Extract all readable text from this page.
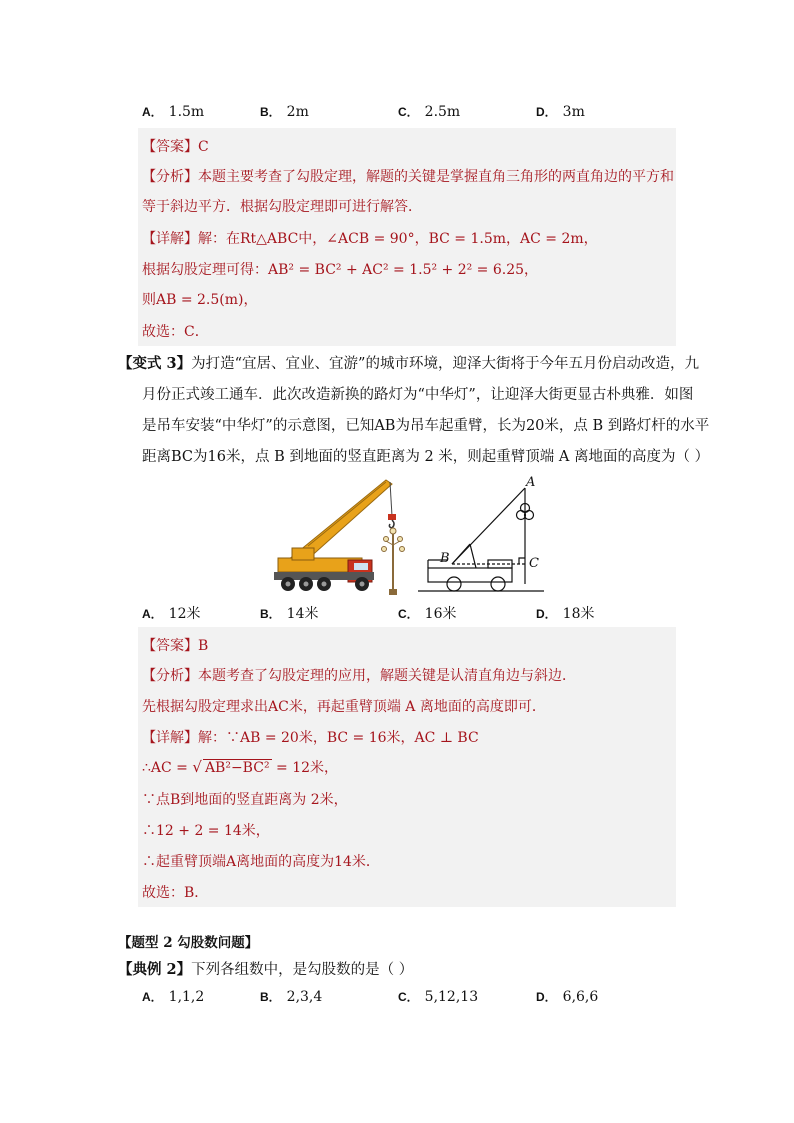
A． 1.5m	B． 2m	C． 2.5m	D． 3m
【答案】C
【分析】本题主要考查了勾股定理，解题的关键是掌握直角三角形的两直角边的平方和
等于斜边平方．根据勾股定理即可进行解答．
【详解】解：在Rt△ABC中，∠ACB = 90°，BC = 1.5m，AC = 2m，
根据勾股定理可得：AB² = BC² + AC² = 1.5² + 2² = 6.25，
则AB = 2.5(m)，
故选：C．
【变式 3】为打造“宜居、宜业、宜游”的城市环境，迎泽大街将于今年五月份启动改造，九
月份正式竣工通车．此次改造新换的路灯为“中华灯”，让迎泽大街更显古朴典雅．如图
是吊车安装“中华灯”的示意图，已知AB为吊车起重臂，长为20米，点 B 到路灯杆的水平
距离BC为16米，点 B 到地面的竖直距离为 2 米，则起重臂顶端 A 离地面的高度为（ ）
A
B	C
A． 12米	B． 14米	C． 16米	D． 18米
【答案】B
【分析】本题考查了勾股定理的应用，解题关键是认清直角边与斜边．
先根据勾股定理求出AC米，再起重臂顶端 A 离地面的高度即可．
【详解】解：∵AB = 20米，BC = 16米，AC ⊥ BC
∴AC = √ AB²−BC² = 12米，
∵点B到地面的竖直距离为 2米，
∴12 + 2 = 14米，
∴起重臂顶端A离地面的高度为14米．
故选：B．
【题型 2 勾股数问题】
【典例 2】下列各组数中，是勾股数的是（ ）
A． 1,1,2	B． 2,3,4	C． 5,12,13	D． 6,6,6
